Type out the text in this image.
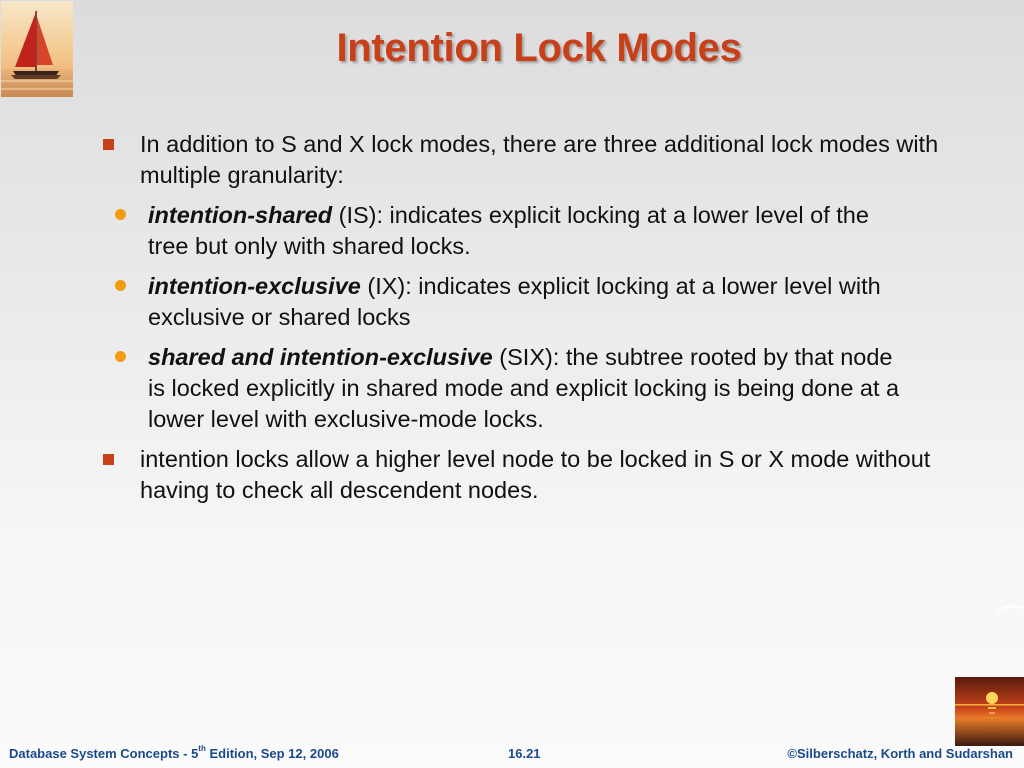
Intention Lock Modes
In addition to S and X lock modes, there are three additional lock modes with multiple granularity:
intention-shared (IS): indicates explicit locking at a lower level of the tree but only with shared locks.
intention-exclusive (IX): indicates explicit locking at a lower level with exclusive or shared locks
shared and intention-exclusive (SIX): the subtree rooted by that node is locked explicitly in shared mode and explicit locking is being done at a lower level with exclusive-mode locks.
intention locks allow a higher level node to be locked in S or X mode without having to check all descendent nodes.
Database System Concepts - 5th Edition, Sep 12, 2006	16.21	©Silberschatz, Korth and Sudarshan
